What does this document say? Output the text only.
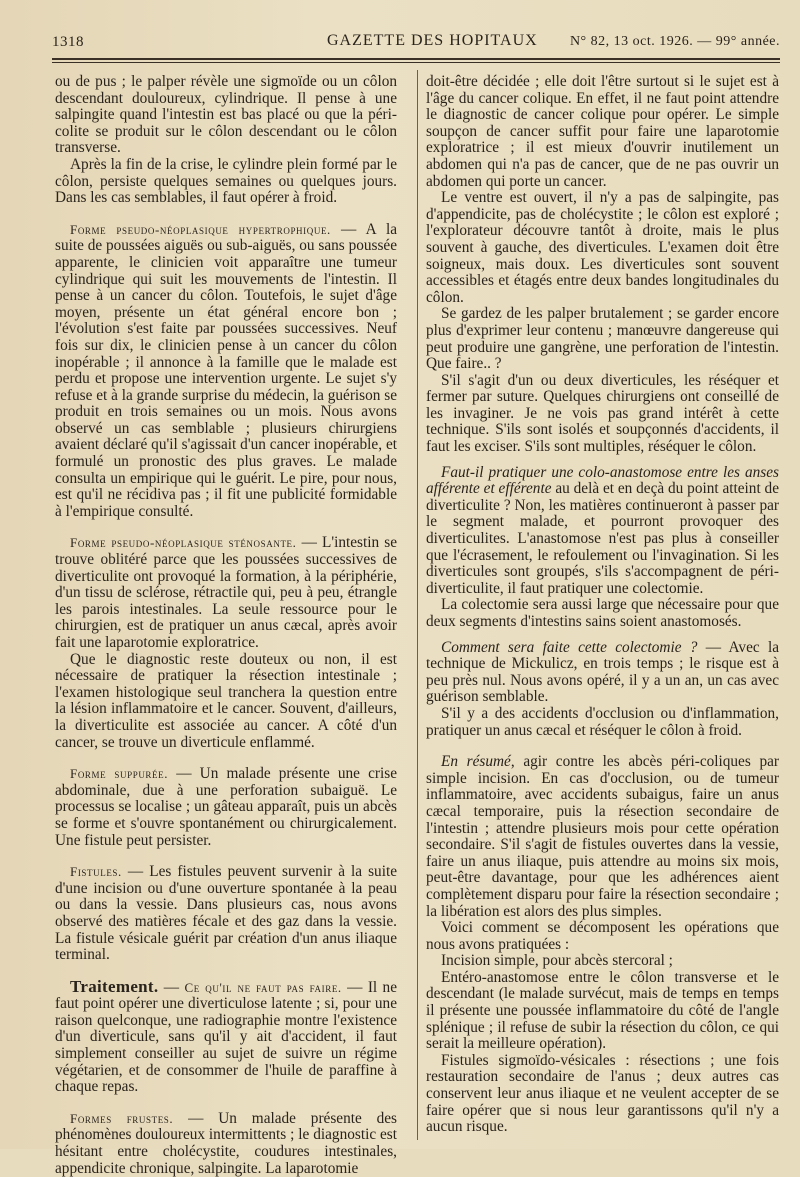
1318	GAZETTE DES HOPITAUX N° 82, 13 oct. 1926. — 99° année.

ou de pus ; le palper révèle une sigmoïde ou un côlon descendant douloureux, cylindrique. Il pense à une salpingite quand l'intestin est bas placé ou que la péri-colite se produit sur le côlon descendant ou le côlon transverse.

Après la fin de la crise, le cylindre plein formé par le côlon, persiste quelques semaines ou quelques jours. Dans les cas semblables, il faut opérer à froid.

Forme pseudo-néoplasique hypertrophique. — A la suite de poussées aiguës ou sub-aiguës, ou sans poussée apparente, le clinicien voit apparaître une tumeur cylindrique qui suit les mouvements de l'intestin. Il pense à un cancer du côlon. Toutefois, le sujet d'âge moyen, présente un état général encore bon ; l'évolution s'est faite par poussées successives. Neuf fois sur dix, le clinicien pense à un cancer du côlon inopérable ; il annonce à la famille que le malade est perdu et propose une intervention urgente. Le sujet s'y refuse et à la grande surprise du médecin, la guérison se produit en trois semaines ou un mois. Nous avons observé un cas semblable ; plusieurs chirurgiens avaient déclaré qu'il s'agissait d'un cancer inopérable, et formulé un pronostic des plus graves. Le malade consulta un empirique qui le guérit. Le pire, pour nous, est qu'il ne récidiva pas ; il fit une publicité formidable à l'empirique consulté.

Forme pseudo-néoplasique sténosante. — L'intestin se trouve oblitéré parce que les poussées successives de diverticulite ont provoqué la formation, à la périphérie, d'un tissu de sclérose, rétractile qui, peu à peu, étrangle les parois intestinales. La seule ressource pour le chirurgien, est de pratiquer un anus cæcal, après avoir fait une laparotomie exploratrice.

Que le diagnostic reste douteux ou non, il est nécessaire de pratiquer la résection intestinale ; l'examen histologique seul tranchera la question entre la lésion inflammatoire et le cancer. Souvent, d'ailleurs, la diverticulite est associée au cancer. A côté d'un cancer, se trouve un diverticule enflammé.

Forme suppurée. — Un malade présente une crise abdominale, due à une perforation subaiguë. Le processus se localise ; un gâteau apparaît, puis un abcès se forme et s'ouvre spontanément ou chirurgicalement. Une fistule peut persister.

Fistules. — Les fistules peuvent survenir à la suite d'une incision ou d'une ouverture spontanée à la peau ou dans la vessie. Dans plusieurs cas, nous avons observé des matières fécale et des gaz dans la vessie. La fistule vésicale guérit par création d'un anus iliaque terminal.

Traitement. — Ce qu'il ne faut pas faire. — Il ne faut point opérer une diverticulose latente ; si, pour une raison quelconque, une radiographie montre l'existence d'un diverticule, sans qu'il y ait d'accident, il faut simplement conseiller au sujet de suivre un régime végétarien, et de consommer de l'huile de paraffine à chaque repas.

Formes frustes. — Un malade présente des phénomènes douloureux intermittents ; le diagnostic est hésitant entre cholécystite, coudures intestinales, appendicite chronique, salpingite. La laparotomie

doit-être décidée ; elle doit l'être surtout si le sujet est à l'âge du cancer colique. En effet, il ne faut point attendre le diagnostic de cancer colique pour opérer. Le simple soupçon de cancer suffit pour faire une laparotomie exploratrice ; il est mieux d'ouvrir inutilement un abdomen qui n'a pas de cancer, que de ne pas ouvrir un abdomen qui porte un cancer.

Le ventre est ouvert, il n'y a pas de salpingite, pas d'appendicite, pas de cholécystite ; le côlon est exploré ; l'explorateur découvre tantôt à droite, mais le plus souvent à gauche, des diverticules. L'examen doit être soigneux, mais doux. Les diverticules sont souvent accessibles et étagés entre deux bandes longitudinales du côlon.

Se gardez de les palper brutalement ; se garder encore plus d'exprimer leur contenu ; manœuvre dangereuse qui peut produire une gangrène, une perforation de l'intestin. Que faire.. ?

S'il s'agit d'un ou deux diverticules, les réséquer et fermer par suture. Quelques chirurgiens ont conseillé de les invaginer. Je ne vois pas grand intérêt à cette technique. S'ils sont isolés et soupçonnés d'accidents, il faut les exciser. S'ils sont multiples, réséquer le côlon.

Faut-il pratiquer une colo-anastomose entre les anses afférente et efférente au delà et en deçà du point atteint de diverticulite ? Non, les matières continueront à passer par le segment malade, et pourront provoquer des diverticulites. L'anastomose n'est pas plus à conseiller que l'écrasement, le refoulement ou l'invagination. Si les diverticules sont groupés, s'ils s'accompagnent de péri-diverticulite, il faut pratiquer une colectomie.

La colectomie sera aussi large que nécessaire pour que deux segments d'intestins sains soient anastomosés.

Comment sera faite cette colectomie ? — Avec la technique de Mickulicz, en trois temps ; le risque est à peu près nul. Nous avons opéré, il y a un an, un cas avec guérison semblable.

S'il y a des accidents d'occlusion ou d'inflammation, pratiquer un anus cæcal et réséquer le côlon à froid.

En résumé, agir contre les abcès péri-coliques par simple incision. En cas d'occlusion, ou de tumeur inflammatoire, avec accidents subaigus, faire un anus cæcal temporaire, puis la résection secondaire de l'intestin ; attendre plusieurs mois pour cette opération secondaire. S'il s'agit de fistules ouvertes dans la vessie, faire un anus iliaque, puis attendre au moins six mois, peut-être davantage, pour que les adhérences aient complètement disparu pour faire la résection secondaire ; la libération est alors des plus simples.

Voici comment se décomposent les opérations que nous avons pratiquées :

Incision simple, pour abcès stercoral ;

Entéro-anastomose entre le côlon transverse et le descendant (le malade survécut, mais de temps en temps il présente une poussée inflammatoire du côté de l'angle splénique ; il refuse de subir la résection du côlon, ce qui serait la meilleure opération).

Fistules sigmoïdo-vésicales : résections ; une fois restauration secondaire de l'anus ; deux autres cas conservent leur anus iliaque et ne veulent accepter de se faire opérer que si nous leur garantissons qu'il n'y a aucun risque.
